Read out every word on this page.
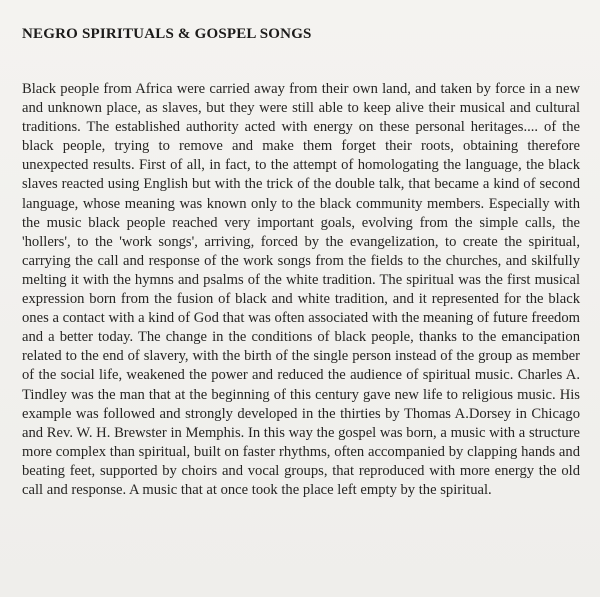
NEGRO SPIRITUALS & GOSPEL SONGS

Black people from Africa were carried away from their own land, and taken by force in a new and unknown place, as slaves, but they were still able to keep alive their musical and cultural traditions. The established authority acted with energy on these personal heritages.... of the black people, trying to remove and make them forget their roots, obtaining therefore unexpected results. First of all, in fact, to the attempt of homologating the language, the black slaves reacted using English but with the trick of the double talk, that became a kind of second language, whose meaning was known only to the black community members. Especially with the music black people reached very important goals, evolving from the simple calls, the 'hollers', to the 'work songs', arriving, forced by the evangelization, to create the spiritual, carrying the call and response of the work songs from the fields to the churches, and skilfully melting it with the hymns and psalms of the white tradition. The spiritual was the first musical expression born from the fusion of black and white tradition, and it represented for the black ones a contact with a kind of God that was often associated with the meaning of future freedom and a better today. The change in the conditions of black people, thanks to the emancipation related to the end of slavery, with the birth of the single person instead of the group as member of the social life, weakened the power and reduced the audience of spiritual music. Charles A. Tindley was the man that at the beginning of this century gave new life to religious music. His example was followed and strongly developed in the thirties by Thomas A.Dorsey in Chicago and Rev. W. H. Brewster in Memphis. In this way the gospel was born, a music with a structure more complex than spiritual, built on faster rhythms, often accompanied by clapping hands and beating feet, supported by choirs and vocal groups, that reproduced with more energy the old call and response. A music that at once took the place left empty by the spiritual.
